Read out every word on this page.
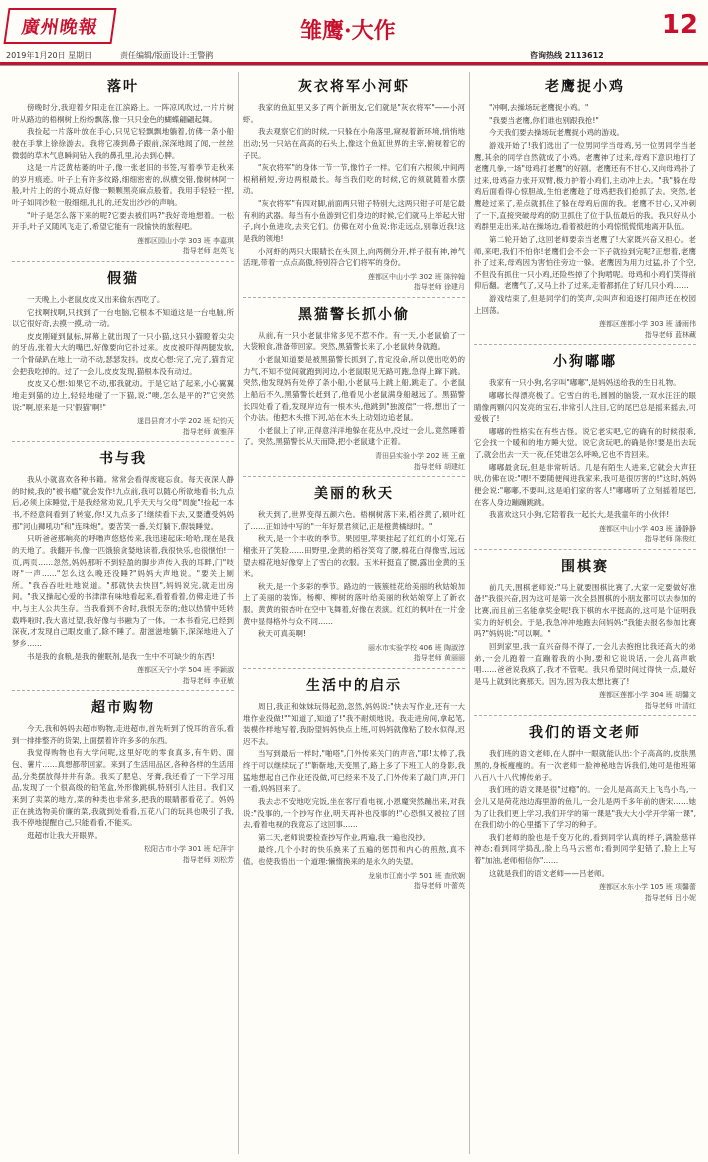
廣州晚報	雏鹰·大作	12
2019年1月20日 星期日	责任编辑/版面设计:王警鹃	咨询热线 2113612
落叶

傍晚时分,我迎着夕阳走在江滨路上。一阵凉风吹过,一片片树叶从路边的梧桐树上纷纷飘落,像一只只金色的蝴蝶翩翩起舞。

我捡起一片落叶放在手心,只见它轻飘飘地躺着,仿佛一条小船驶在手掌上徐徐游去。我将它凑到鼻子跟前,深深地闻了闻,一丝丝微弱的草木气息瞬间钻入我的鼻孔里,沁去到心脾。

这是一片泛黄枯萎的叶子,像一张老旧的书签,写着季节走秋来的岁月痕迹。叶子上有许多纹路,细细密密的,纵横交错,像树林阿一般,叶片上的的小斑点好像一颗颗黑亮麻点般着。我用手轻轻一捏,叶子如同沙粒一般细细,扎扎的,还发出沙沙的声响。

"叶子是怎么落下来的呢?它要去被们吗?"我好奇地想着。一松开手,叶子又随风飞走了,希望它能有一段愉快的旅程吧。

莲都区园山小学 303 班 李嘉琪
指导老师 赵英飞
假猫

一天晚上,小老鼠皮皮又出来偷东西吃了。

它找啊找啊,只找到了一台电脑,它根本不知道这是一台电脑,所以它很好奇,去摸一摸,动一动。

皮皮刚碰到鼠标,屏幕上就出现了一只小猫,这只小猫瞪着尖尖的牙齿,张着大大的嘴巴,好像要向它扑过来。皮皮被吓得两腿发软,一个骨碌趴在地上一动不动,瑟瑟发抖。皮皮心想:完了,完了,猫肯定会把我吃掉的。过了一会儿,皮皮发现,猫根本没有动过。

皮皮又心想:如果它不动,那我就动。于是它站了起来,小心翼翼地走到猫的边上,轻轻地碰了一下猫,说:"噢,怎么是平的?"它突然说:"啊,原来是一只'假猫'啊!"

遂昌县育才小学 202 班 纪钧天
指导老师 黄雅萍
书与我

我从小就喜欢各种书籍。常常会看得废寝忘食。每天夜深人静的时候,我的"被书瘾"就会发作!九点前,我可以随心所欲地看书;九点后,必须上床睡觉,于是我经常劝说,几乎天天与父母"周旋"!捡起一本书,不经意间看到了转宴,你!又九点多了!继续看下去,又要遭受妈妈那"河山狮吼功"和"连珠炮"。要苦笑一番,关灯躺下,假装睡觉。

只听爸爸那响亮的呼噜声悠悠传来,我迅速起床:哈哈,现在是我的天地了。我翻开书,像一匹饿狼贪婪地读着,我很快乐,也很惬怕!一页,两页……忽然,妈妈那听不到轻盈的脚步声传入我的耳畔,门"吱呀"一声……"怎么这么晚还没睡?"妈妈大声地说。"要关上厕所。"我吞吞吐吐地说道。"那就快去快回",妈妈说完,就走出房间。"我又操起心爱的书津津有味地看起来,看着看着,仿佛走进了书中,与主人公共生存。当我看到不舍时,我恨无奈的;他以热情中廷转载哗啦时,我大喜过望,我好像与书融为了一体。一本书看完,已经到深夜,才发现自己眼皮重了,除不睡了。甜滋滋地躺下,深深地进入了梦乡……

书是我的食粮,是我的催眠剂,是我一生中不可缺少的东西!

莲都区天宁小学 504 班 季颖淑
指导老师 李亚敏
超市购物

今天,我和妈妈去超市购物,走进超市,首先听到了悦耳的音乐,看到一排排整齐的货架,上面摆着许许多多的东西。

我觉得购物也有大学问呢,这里好吃的零食真多,有牛奶、面包、薯片……真想都带回家。来到了生活用品区,各种各样的生活用品,分类摆放得井井有条。我买了肥皂、牙膏,我还看了一下学习用品,发现了一个很高级的铅笔盒,外形像跳棋,特别引人注目。我们又来到了卖菜的地方,菜的种类也非常多,把我的眼睛都看花了。妈妈正在挑选物美价廉的菜,我就到处看看,五花八门的玩具也吸引了我,我不停地提醒自己,只能看看,不能买。

逛超市让我大开眼界。

松阳古市小学 301 班 纪萍宇
指导老师 刘松芳
灰衣将军小河虾

我家的鱼缸里又多了两个新朋友,它们就是"灰衣将军"——小河虾。

我去观察它们的时候,一只躲在小角落里,窥视着新环境,悄悄地出动;另一只站在高高的石头上,像这个鱼缸世界的主宰,俯视着它的子民。

"灰衣将军"的身体一节一节,像竹子一样。它们有六根须,中间两根稍稍短,旁边两根最长。每当我们吃的时候,它的须就随着水摆动。

"灰衣将军"有四对脚,前面两只钳子特别大,这两只钳子可是它最有利的武器。每当有小鱼游到它们身边的时候,它们就马上举起大钳子,向小鱼进攻,去夹它们。仿佛在对小鱼说:你走远点,别靠近我!这是我的领地!

小河虾的两只大眼睛长在头顶上,向两侧分开,样子很有神,神气活现,带着一点点高傲,特别符合它们将军的身份。

莲都区中山小学 302 班 陈锌翰
指导老师 徐建月
黑猫警长抓小偷

从前,有一只小老鼠非常多见不惹不作。有一天,小老鼠偷了一大袋粮食,准备带回家。突然,黑猫警长来了,小老鼠转身就跑。

小老鼠知道要是被黑猫警长抓到了,肯定没命,所以使出吃奶的力气,不知不觉间就跑到河边,小老鼠眼见无路可跑,急得上蹿下跳。突然,他发现妈有处停了条小船,小老鼠马上跳上船,跳走了。小老鼠上船后不久,黑猫警长赶到了,他看见小老鼠满身船越远了。黑猫警长四处看了看,发现岸边有一根木头,他跳到"独渡偿"一将,想出了一个办法。他把木头推下河,站在木头上动划边追老鼠。

小老鼠上了岸,正得意洋洋地躲在花丛中,没过一会儿,竟然睡着了。突然,黑猫警长从天而降,把小老鼠逮个正着。

青田县实验小学 202 班 王童
指导老师 胡建红
美丽的秋天

秋天到了,世界变得五颜六色。梧桐树落下来,稻谷黄了,硕叶红了……正如诗中写的"一年好景君须记,正是橙黄橘绿时。"

秋天,是一个丰收的季节。果园里,苹果挂起了红红的小灯笼,石榴张开了笑脸……田野里,金黄的稻谷笑弯了腰,棉花白得像雪,远远望去棉花地好像穿上了雪白的衣服。玉米秆挺直了腰,露出金黄的玉米。

秋天,是一个多彩的季节。路边的一簇簇桂花给美丽的秋姑娘加上了美丽的装饰。杨柳、柳树的落叶给美丽的秋姑娘穿上了新衣服。黄黄的银杏叶在空中飞舞着,好像在表演。红红的枫叶在一片金黄中显得格外与众不同……

秋天可真美啊!

丽水市实验学校 406 班 陶淑淳
指导老师 黄丽丽
生活中的启示

周日,我正和妹妹玩得起劲,忽然,妈妈说:"快去写作业,还有一大堆作业没做!""知道了,知道了!"我不耐烦地说。我走进房间,拿起笔,装模作样地写着,我盼望妈妈快点上班,可妈妈就像粘了胶水似得,迟迟不去。

当写到最后一样时,"啪嗒",门外传来关门的声音,"耶!太棒了,我终于可以继续玩了!"靳靳地,天变黑了,路上多了下班工人的身影,我猛地想起自己作业还没做,可已经来不及了,门外传来了敲门声,开门一看,妈妈回来了。

我去忐不安地吃完饭,坐在客厅看电视,小恩魔突然蹦出来,对我说:"没事的,一个抄写作业,明天再补也没事的!"心恐惧又被拉了回去,看着电视的我竟忘了这回事……

第二天,老师说要检查抄写作业,两遍,我一遍也没抄。

最终,几个小时的快乐换来了五遍的惩罚和内心的煎熬,真不值。也使我悟出一个道理:懒惰换来的是永久的失望。

龙泉市江南小学 501 班 查欣娴
指导老师 叶蕾英
老鹰捉小鸡

"冲啊,去操场玩老鹰捉小鸡。"

"我要当老鹰,你们谁也别跟我抢!"

今天我们要去操场玩老鹰捉小鸡的游戏。

游戏开始了!我们选出了一位男同学当母鸡,另一位男同学当老鹰,其余的同学自然就成了小鸡。老鹰神了过来,母鸡下意识地打了老鹰几拳,一场"母鸡打老鹰"的好剧。老鹰还有不甘心,又向母鸡扑了过来,母鸡奋力张开双臂,极力护着小鸡们,主动冲上去。"我"躲在母鸡后面看得心惊胆战,生怕老鹰趁了母鸡把我们抢抓了去。突然,老鹰趁过来了,差点就抓住了躲在母鸡后面的我。老鹰不甘心,又冲刺了一下,直接突破母鸡的防卫抓住了位于队伍最后的我。我只好从小鸡群里走出来,站在操场边,看着被赶的小鸡惊慌慌慌地离开队伍。

第二轮开始了,这回老师要亲当老鹰了!大家既兴奋又担心。老师,来吧,我们不怕你!老鹰们会不会一下子就捡到完呢?正想着,老鹰扑了过来,母鸡因为害怕往旁边一躲。老鹰因为用力过猛,扑了个空,不但没有抓住一只小鸡,还险些掉了个狗啃呢。母鸡和小鸡们笑得前仰后翻。老鹰气了,又马上扑了过来,走着都抓住了好几只小鸡……

游戏结束了,但是同学们的笑声,尖叫声和追逐打闹声还在校园上回荡。

莲都区莲都小学 303 班 潘雨伟
指导老师 蓝林藏
小狗嘟嘟

我家有一只小狗,名字叫"嘟嘟",是妈妈送给我的生日礼物。

嘟嘟长得漂亮极了。它雪白的毛,圆圆的脑袋,一双水汪汪的眼睛像两颗闪闪发亮的宝石,非常引人注目,它的尾巴总是摇来摇去,可爱极了!

嘟嘟的性格实在有些古怪。说它老实吧,它的确有的时候很乖,它会找一个暖和的地方睡大觉。说它贪玩吧,的确是你!要是出去玩了,就会出去一天一夜,任凭谁怎么呼唤,它也不肯回来。

嘟嘟最贪玩,但是非常听话。几是有陌生人进来,它就会大声狂吠,仿佛在说:"喂!不要随便闯进我家来,我可是很厉害的!"这时,妈妈便会说:"嘟嘟,不要叫,这是咱们家的客人!"嘟嘟听了立刻摇着尾巴,在客人身边蹦蹦跳跳。

我喜欢这只小狗,它陪着我一起长大,是我童年的小伙伴!

莲都区中山小学 403 班 潘静静
指导老师 陈俊红
围棋赛

前几天,围棋老师说:"马上就要围棋比赛了,大家一定要做好准备!"我很兴奋,因为这可是第一次全县围棋的小朋友都可以去参加的比赛,而且前三名能拿奖金呢!我下棋的水平挺高的,这可是个证明我实力的好机会。于是,我急冲冲地跑去问妈妈:"我能去报名参加比赛吗?"妈妈说:"可以啊。"

回到家里,我一直兴奋得不得了,一会儿去抱抱比我还高大的弟弟,一会儿跑着一直蹦着我的小狗,要和它说说话,一会儿高声歌唱……爸爸说我疯了,我才不管呢。我只希望时间过得快一点,最好是马上就到比赛那天。因为,因为我太想比赛了!

莲都区莲都小学 304 班 胡馨文
指导老师 叶清红
我们的语文老师

我们班的语文老师,在人群中一眼就能认出:个子高高的,皮肤黑黑的,身板瘦瘦的。有一次老师一脸神秘地告诉我们,她可是他班第八百八十八代博传弟子。

我们班的语文课是很"过瘾"的。一会儿是高高天上飞鸟小鸟,一会儿又是荷花池边海里游的鱼儿,一会儿是两千多年前的唐宋……她为了让我们更上学习,我们开学的第一课是"我大大小学开学第一课",在我们幼小的心里播下了学习的种子。

我们老师的脸也是千变万化的,看到同学认真的样子,满脸慈祥神态;看到同学捣乱,脸上乌马云密布;看到同学犯错了,脸上上写着"加油,老师相信你"……

这就是我们的语文老师——吕老师。

莲都区水东小学 105 班 项馨蕾
指导老师 吕小妮
